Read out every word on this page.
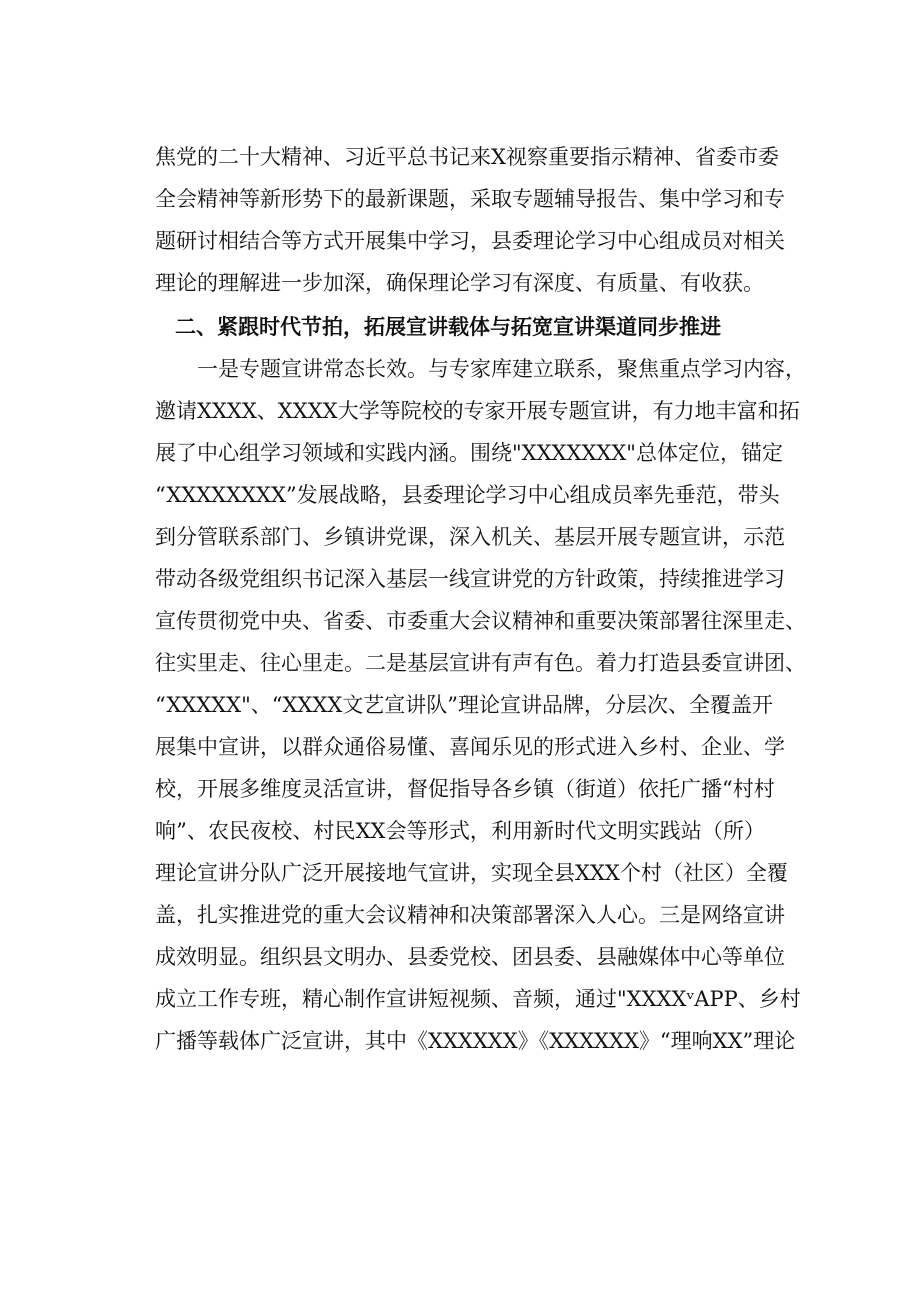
焦党的二十大精神、习近平总书记来X视察重要指示精神、省委市委
全会精神等新形势下的最新课题，采取专题辅导报告、集中学习和专
题研讨相结合等方式开展集中学习，县委理论学习中心组成员对相关
理论的理解进一步加深，确保理论学习有深度、有质量、有收获。
二、紧跟时代节拍，拓展宣讲载体与拓宽宣讲渠道同步推进
一是专题宣讲常态长效。与专家库建立联系，聚焦重点学习内容，
邀请XXXX、XXXX大学等院校的专家开展专题宣讲，有力地丰富和拓
展了中心组学习领域和实践内涵。围绕"XXXXXXX"总体定位，锚定
“XXXXXXXX”发展战略，县委理论学习中心组成员率先垂范，带头
到分管联系部门、乡镇讲党课，深入机关、基层开展专题宣讲，示范
带动各级党组织书记深入基层一线宣讲党的方针政策，持续推进学习
宣传贯彻党中央、省委、市委重大会议精神和重要决策部署往深里走、
往实里走、往心里走。二是基层宣讲有声有色。着力打造县委宣讲团、
“XXXXX"、“XXXX文艺宣讲队”理论宣讲品牌，分层次、全覆盖开
展集中宣讲，以群众通俗易懂、喜闻乐见的形式进入乡村、企业、学
校，开展多维度灵活宣讲，督促指导各乡镇（街道）依托广播“村村
响”、农民夜校、村民XX会等形式，利用新时代文明实践站（所）
理论宣讲分队广泛开展接地气宣讲，实现全县XXX个村（社区）全覆
盖，扎实推进党的重大会议精神和决策部署深入人心。三是网络宣讲
成效明显。组织县文明办、县委党校、团县委、县融媒体中心等单位
成立工作专班，精心制作宣讲短视频、音频，通过"XXXXᵛAPP、乡村
广播等载体广泛宣讲，其中《XXXXXX》《XXXXXX》“理响XX”理论
